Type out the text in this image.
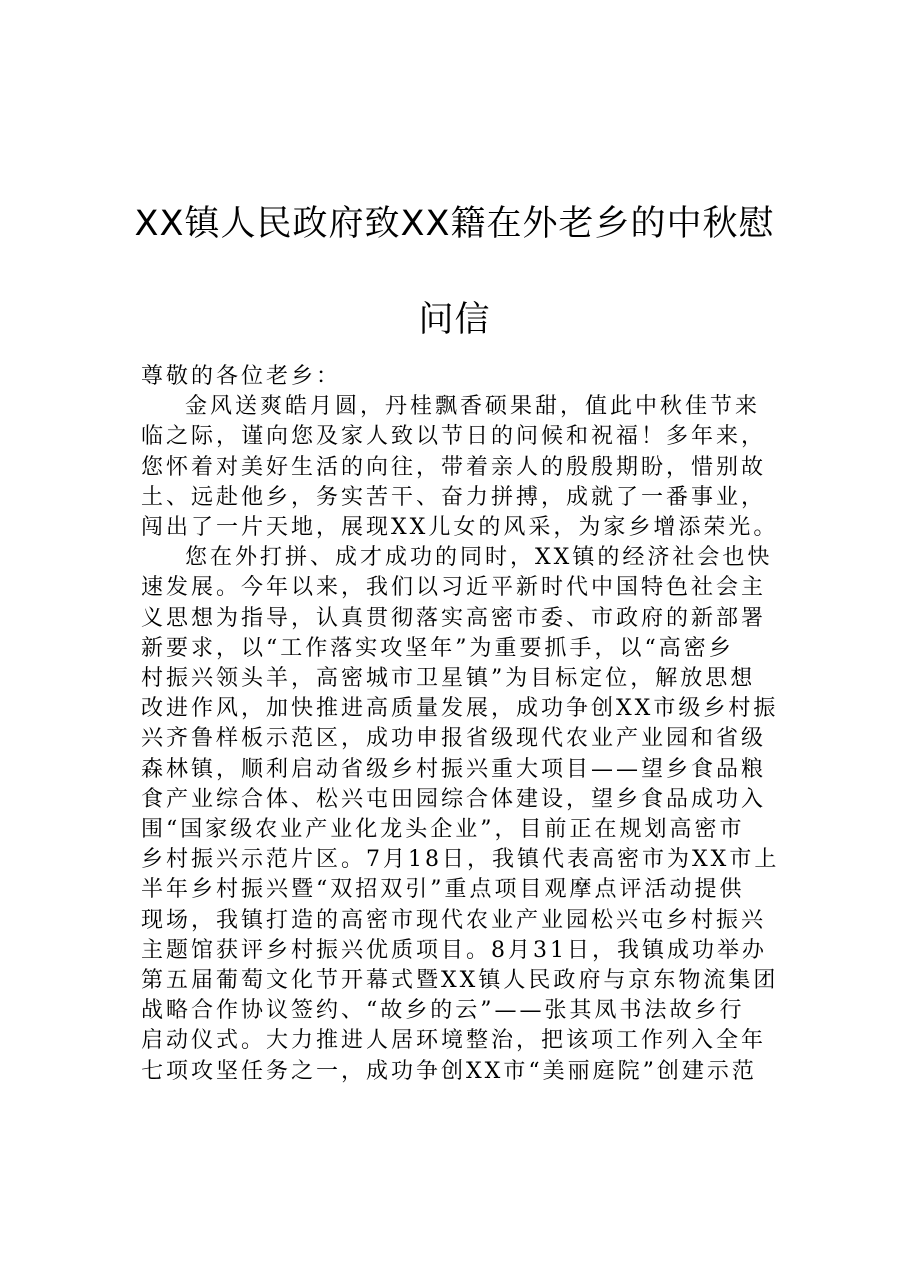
XX镇人民政府致XX籍在外老乡的中秋慰
问信

尊敬的各位老乡：

金风送爽皓月圆，丹桂飘香硕果甜，值此中秋佳节来
临之际，谨向您及家人致以节日的问候和祝福！多年来，
您怀着对美好生活的向往，带着亲人的殷殷期盼，惜别故
土、远赴他乡，务实苦干、奋力拼搏，成就了一番事业，
闯出了一片天地，展现XX儿女的风采，为家乡增添荣光。

您在外打拼、成才成功的同时，XX镇的经济社会也快
速发展。今年以来，我们以习近平新时代中国特色社会主
义思想为指导，认真贯彻落实高密市委、市政府的新部署
新要求，以“工作落实攻坚年”为重要抓手，以“高密乡
村振兴领头羊，高密城市卫星镇”为目标定位，解放思想
改进作风，加快推进高质量发展，成功争创XX市级乡村振
兴齐鲁样板示范区，成功申报省级现代农业产业园和省级
森林镇，顺利启动省级乡村振兴重大项目——望乡食品粮
食产业综合体、松兴屯田园综合体建设，望乡食品成功入
围“国家级农业产业化龙头企业”，目前正在规划高密市
乡村振兴示范片区。7月18日，我镇代表高密市为XX市上
半年乡村振兴暨“双招双引”重点项目观摩点评活动提供
现场，我镇打造的高密市现代农业产业园松兴屯乡村振兴
主题馆获评乡村振兴优质项目。8月31日，我镇成功举办
第五届葡萄文化节开幕式暨XX镇人民政府与京东物流集团
战略合作协议签约、“故乡的云”——张其凤书法故乡行
启动仪式。大力推进人居环境整治，把该项工作列入全年
七项攻坚任务之一，成功争创XX市“美丽庭院”创建示范
